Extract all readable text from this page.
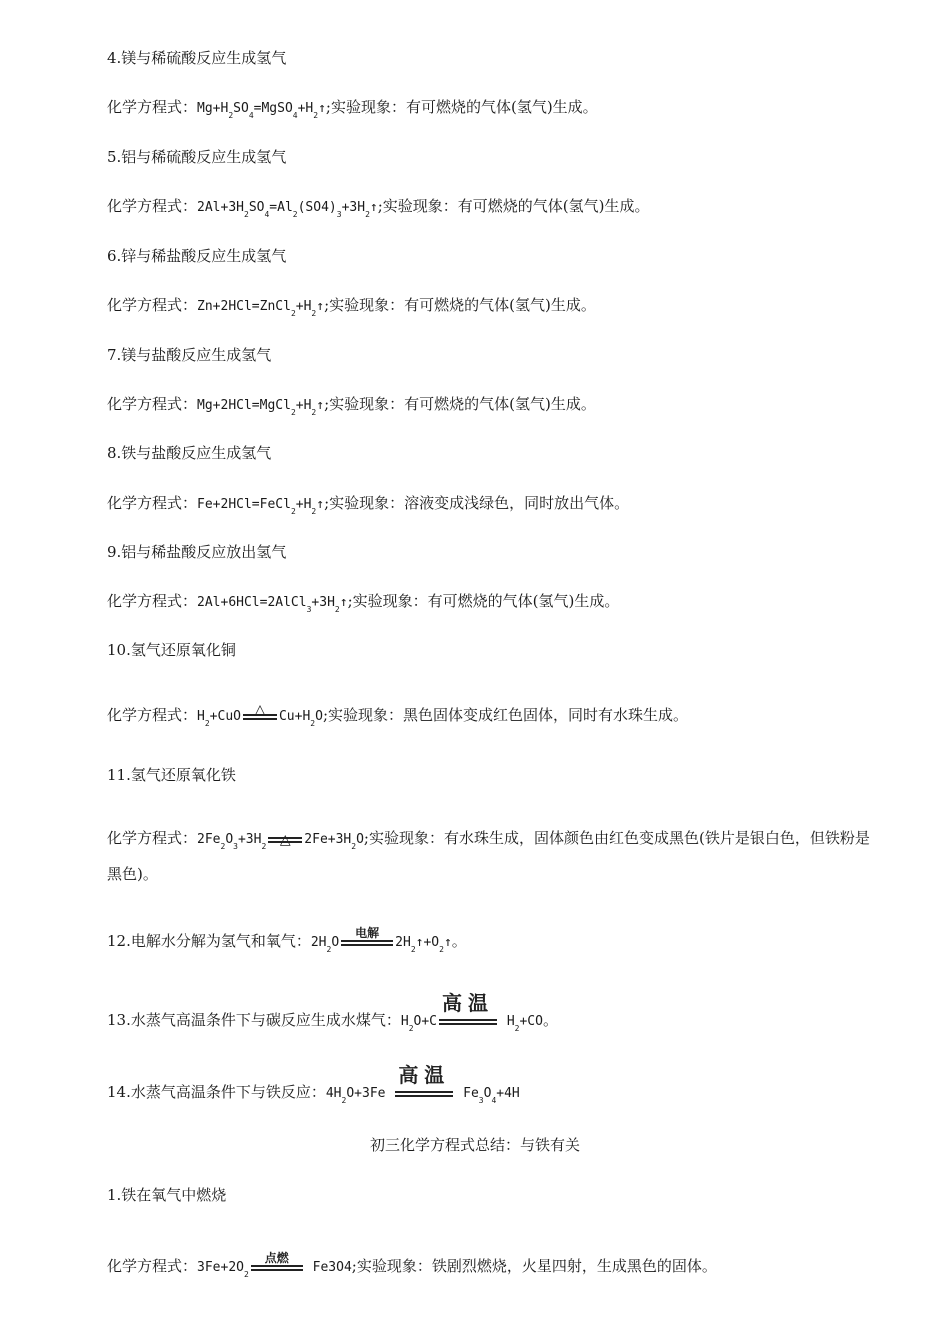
4.镁与稀硫酸反应生成氢气
化学方程式：$Mg+H_2SO_4=MgSO_4+H_2↑$;实验现象：有可燃烧的气体(氢气)生成。
5.铝与稀硫酸反应生成氢气
化学方程式：$2Al+3H_2SO_4=Al_2(SO4)_3+3H_2↑$;实验现象：有可燃烧的气体(氢气)生成。
6.锌与稀盐酸反应生成氢气
化学方程式：$Zn+2HCl=ZnCl_2+H_2↑$;实验现象：有可燃烧的气体(氢气)生成。
7.镁与盐酸反应生成氢气
化学方程式：$Mg+2HCl=MgCl_2+H_2↑$;实验现象：有可燃烧的气体(氢气)生成。
8.铁与盐酸反应生成氢气
化学方程式：$Fe+2HCl=FeCl_2+H_2↑$;实验现象：溶液变成浅绿色，同时放出气体。
9.铝与稀盐酸反应放出氢气
化学方程式：$2Al+6HCl=2AlCl_3+3H_2↑$;实验现象：有可燃烧的气体(氢气)生成。
10.氢气还原氧化铜
化学方程式：$H_2+CuO$ △	$Cu+H_2O$;实验现象：黑色固体变成红色固体，同时有水珠生成。
11.氢气还原氧化铁
化学方程式：$2Fe_2O_3+3H_2$ △	$2Fe+3H_2O$;实验现象：有水珠生成，固体颜色由红色变成黑色(铁片是银白色，但铁粉是黑色)。
12.电解水分解为氢气和氧气：$2H_2O$
电解
$2H_2↑+O_2↑$。
13.水蒸气高温条件下与碳反应生成水煤气：$H_2O+C$
高温
$H_2+CO$。
14.水蒸气高温条件下与铁反应：$4H_2O+3Fe$
高温
$Fe_3O_4+4H$
初三化学方程式总结：与铁有关
1.铁在氧气中燃烧
化学方程式：$3Fe+2O_2$
点燃
Fe3O4;实验现象：铁剧烈燃烧，火星四射，生成黑色的固体。
